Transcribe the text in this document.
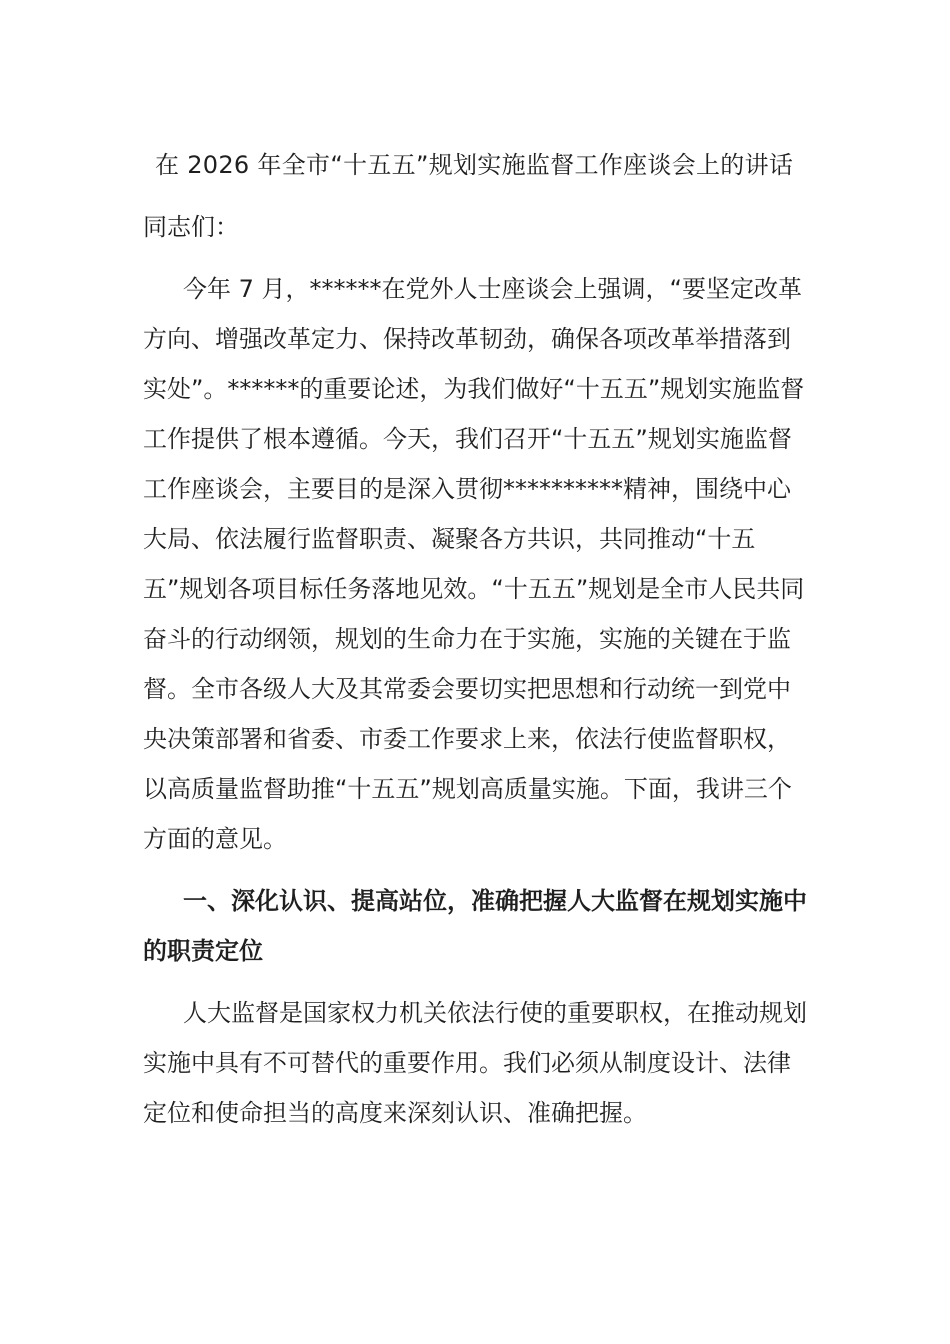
在 2026 年全市“十五五”规划实施监督工作座谈会上的讲话

同志们：

今年 7 月，******在党外人士座谈会上强调，“要坚定改革方向、增强改革定力、保持改革韧劲，确保各项改革举措落到实处”。******的重要论述，为我们做好“十五五”规划实施监督工作提供了根本遵循。今天，我们召开“十五五”规划实施监督工作座谈会，主要目的是深入贯彻**********精神，围绕中心大局、依法履行监督职责、凝聚各方共识，共同推动“十五五”规划各项目标任务落地见效。“十五五”规划是全市人民共同奋斗的行动纲领，规划的生命力在于实施，实施的关键在于监督。全市各级人大及其常委会要切实把思想和行动统一到党中央决策部署和省委、市委工作要求上来，依法行使监督职权，以高质量监督助推“十五五”规划高质量实施。下面，我讲三个方面的意见。

一、深化认识、提高站位，准确把握人大监督在规划实施中的职责定位

人大监督是国家权力机关依法行使的重要职权，在推动规划实施中具有不可替代的重要作用。我们必须从制度设计、法律定位和使命担当的高度来深刻认识、准确把握。
